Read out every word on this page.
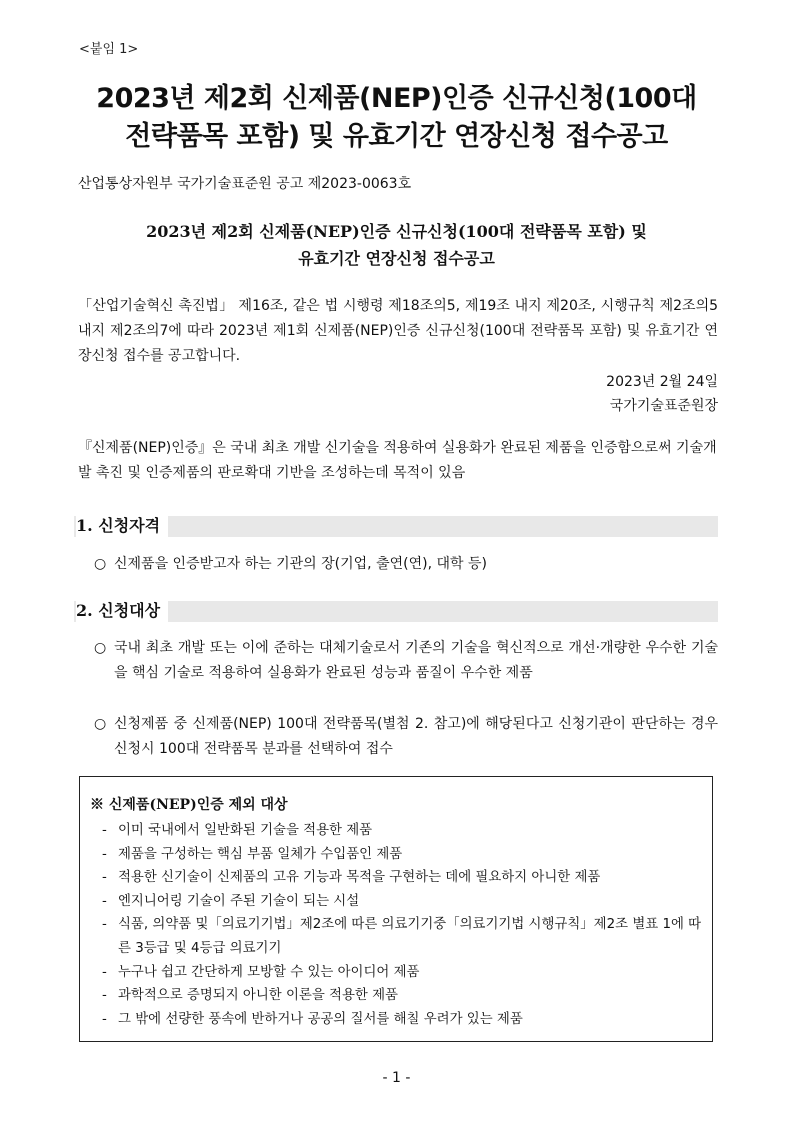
<붙임 1>
2023년 제2회 신제품(NEP)인증 신규신청(100대
전략품목 포함) 및 유효기간 연장신청 접수공고
산업통상자원부 국가기술표준원 공고 제2023-0063호
2023년 제2회 신제품(NEP)인증 신규신청(100대 전략품목 포함) 및
유효기간 연장신청 접수공고
「산업기술혁신 촉진법」 제16조, 같은 법 시행령 제18조의5, 제19조 내지 제20조, 시행규칙 제2조의5 내지 제2조의7에 따라 2023년 제1회 신제품(NEP)인증 신규신청(100대 전략품목 포함) 및 유효기간 연장신청 접수를 공고합니다.
2023년 2월 24일
국가기술표준원장
『신제품(NEP)인증』은 국내 최초 개발 신기술을 적용하여 실용화가 완료된 제품을 인증함으로써 기술개발 촉진 및 인증제품의 판로확대 기반을 조성하는데 목적이 있음
1. 신청자격
○ 신제품을 인증받고자 하는 기관의 장(기업, 출연(연), 대학 등)
2. 신청대상
○ 국내 최초 개발 또는 이에 준하는 대체기술로서 기존의 기술을 혁신적으로 개선·개량한 우수한 기술을 핵심 기술로 적용하여 실용화가 완료된 성능과 품질이 우수한 제품
○ 신청제품 중 신제품(NEP) 100대 전략품목(별첨 2. 참고)에 해당된다고 신청기관이 판단하는 경우 신청시 100대 전략품목 분과를 선택하여 접수
※ 신제품(NEP)인증 제외 대상
- 이미 국내에서 일반화된 기술을 적용한 제품
- 제품을 구성하는 핵심 부품 일체가 수입품인 제품
- 적용한 신기술이 신제품의 고유 기능과 목적을 구현하는 데에 필요하지 아니한 제품
- 엔지니어링 기술이 주된 기술이 되는 시설
- 식품, 의약품 및「의료기기법」제2조에 따른 의료기기중「의료기기법 시행규칙」제2조 별표 1에 따른 3등급 및 4등급 의료기기
- 누구나 쉽고 간단하게 모방할 수 있는 아이디어 제품
- 과학적으로 증명되지 아니한 이론을 적용한 제품
- 그 밖에 선량한 풍속에 반하거나 공공의 질서를 해칠 우려가 있는 제품
- 1 -
